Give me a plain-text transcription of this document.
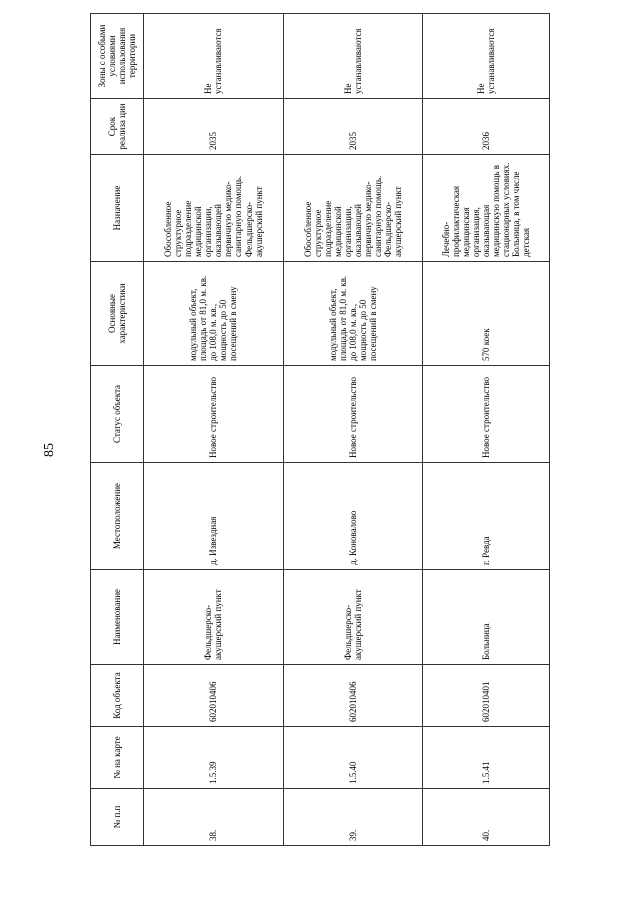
85
№ п.п	№ на карте	Код объекта	Наименование	Местоположение	Статус объекта	Основные характеристики	Назначение	Срок реализа ции	Зоны с особыми условиями использования территории
38.	1.5.39	602010406	Фельдшерско-акушерский пункт	д. Извездная	Новое строительство	модульный объект, площадь от 81,0 м. кв. до 108,0 м. кв., мощность до 50 посещений в смену	Обособленное структурное подразделение медицинской организации, оказывающей первичную медико-санитарную помощь. Фельдшерско-акушерский пункт	2035	Не устанавливаются
39.	1.5.40	602010406	Фельдшерско-акушерский пункт	д. Коновалово	Новое строительство	модульный объект, площадь от 81,0 м. кв. до 108,0 м. кв., мощность до 50 посещений в смену	Обособленное структурное подразделение медицинской организации, оказывающей первичную медико-санитарную помощь. Фельдшерско-акушерский пункт	2035	Не устанавливаются
40.	1.5.41	602010401	Больница	г. Ревда	Новое строительство	570 коек	Лечебно-профилактическая медицинская организация, оказывающая медицинскую помощь в стационарных условиях. Больница, в том числе детская	2036	Не устанавливаются
